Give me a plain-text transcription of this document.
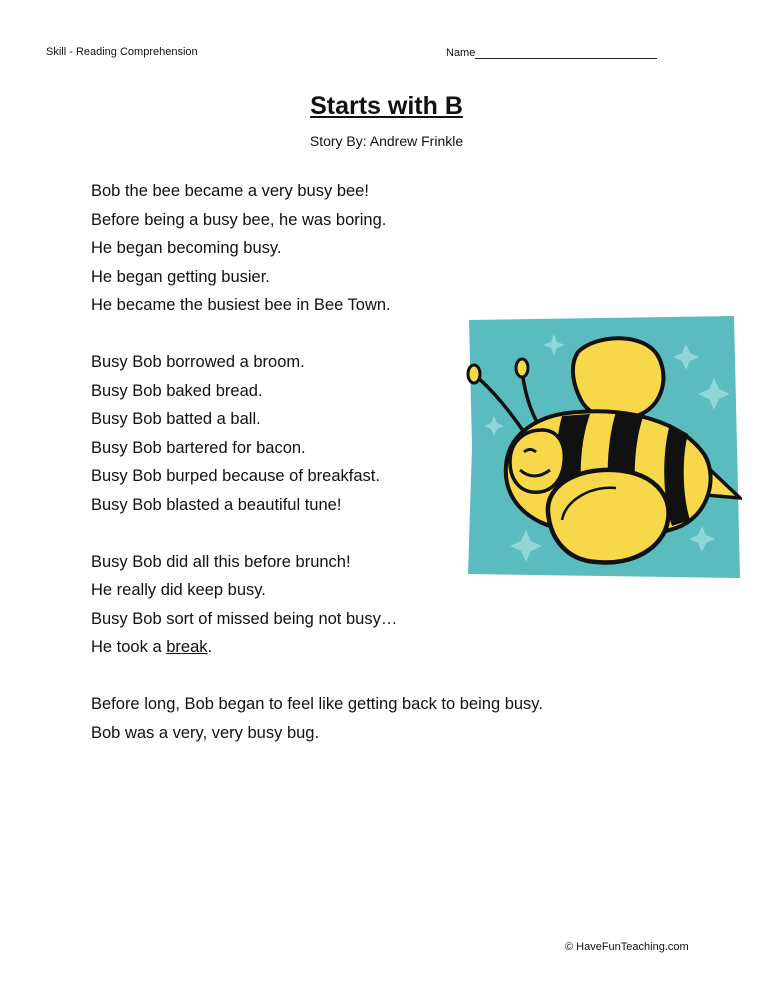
Skill - Reading Comprehension	Name
Starts with B
Story By: Andrew Frinkle
Bob the bee became a very busy bee!
Before being a busy bee, he was boring.
He began becoming busy.
He began getting busier.
He became the busiest bee in Bee Town.
Busy Bob borrowed a broom.
Busy Bob baked bread.
Busy Bob batted a ball.
Busy Bob bartered for bacon.
Busy Bob burped because of breakfast.
Busy Bob blasted a beautiful tune!
Busy Bob did all this before brunch!
He really did keep busy.
Busy Bob sort of missed being not busy…
He took a break.
Before long, Bob began to feel like getting back to being busy.
Bob was a very, very busy bug.
© HaveFunTeaching.com
